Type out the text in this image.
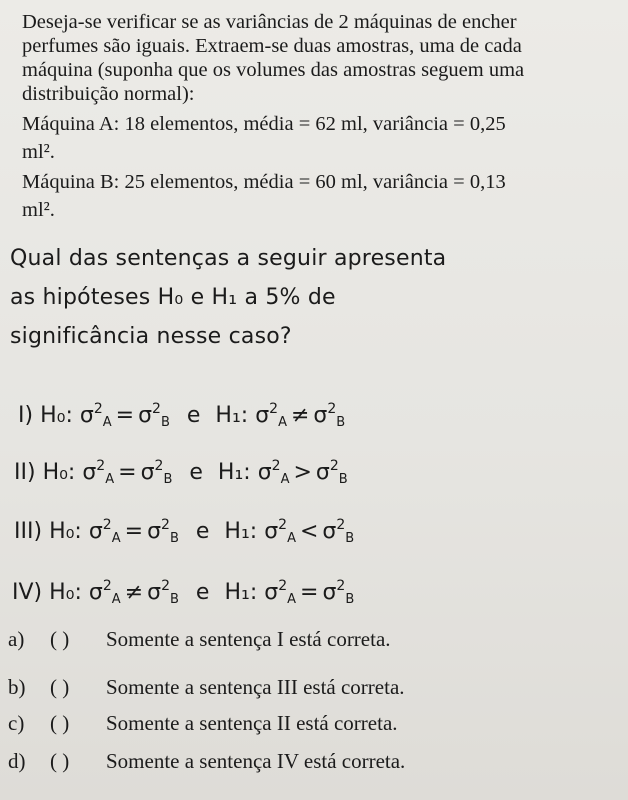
Deseja-se verificar se as variâncias de 2 máquinas de encher
perfumes são iguais. Extraem-se duas amostras, uma de cada
máquina (suponha que os volumes das amostras seguem uma
distribuição normal):
Máquina A: 18 elementos, média = 62 ml, variância = 0,25
ml².
Máquina B: 25 elementos, média = 60 ml, variância = 0,13
ml².
Qual das sentenças a seguir apresenta
as hipóteses H₀ e H₁ a 5% de
significância nesse caso?
I) H₀: $\sigma^2_A = \sigma^2_B$ e H₁: $\sigma^2_A \ne \sigma^2_B$
II) H₀: $\sigma^2_A = \sigma^2_B$ e H₁: $\sigma^2_A > \sigma^2_B$
III) H₀: $\sigma^2_A = \sigma^2_B$ e H₁: $\sigma^2_A < \sigma^2_B$
IV) H₀: $\sigma^2_A \ne \sigma^2_B$ e H₁: $\sigma^2_A = \sigma^2_B$
a) ( ) Somente a sentença I está correta.
b) ( ) Somente a sentença III está correta.
c) ( ) Somente a sentença II está correta.
d) ( ) Somente a sentença IV está correta.
